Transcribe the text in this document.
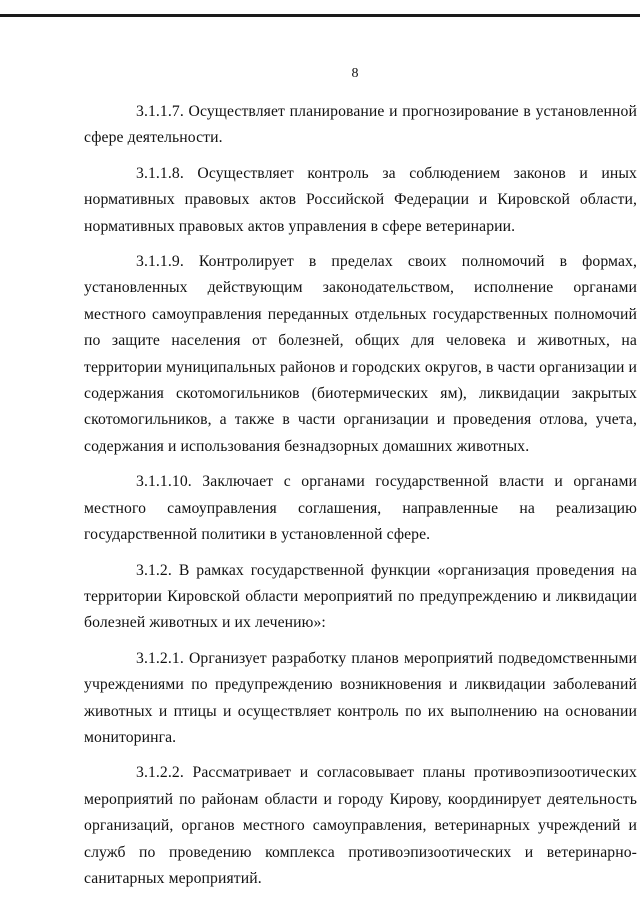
8

3.1.1.7. Осуществляет планирование и прогнозирование в установленной сфере деятельности.

3.1.1.8. Осуществляет контроль за соблюдением законов и иных нормативных правовых актов Российской Федерации и Кировской области, нормативных правовых актов управления в сфере ветеринарии.

3.1.1.9. Контролирует в пределах своих полномочий в формах, установленных действующим законодательством, исполнение органами местного самоуправления переданных отдельных государственных полномочий по защите населения от болезней, общих для человека и животных, на территории муниципальных районов и городских округов, в части организации и содержания скотомогильников (биотермических ям), ликвидации закрытых скотомогильников, а также в части организации и проведения отлова, учета, содержания и использования безнадзорных домашних животных.

3.1.1.10. Заключает с органами государственной власти и органами местного самоуправления соглашения, направленные на реализацию государственной политики в установленной сфере.

3.1.2. В рамках государственной функции «организация проведения на территории Кировской области мероприятий по предупреждению и ликвидации болезней животных и их лечению»:

3.1.2.1. Организует разработку планов мероприятий подведомственными учреждениями по предупреждению возникновения и ликвидации заболеваний животных и птицы и осуществляет контроль по их выполнению на основании мониторинга.

3.1.2.2. Рассматривает и согласовывает планы противоэпизоотических мероприятий по районам области и городу Кирову, координирует деятельность организаций, органов местного самоуправления, ветеринарных учреждений и служб по проведению комплекса противоэпизоотических и ветеринарно-санитарных мероприятий.
